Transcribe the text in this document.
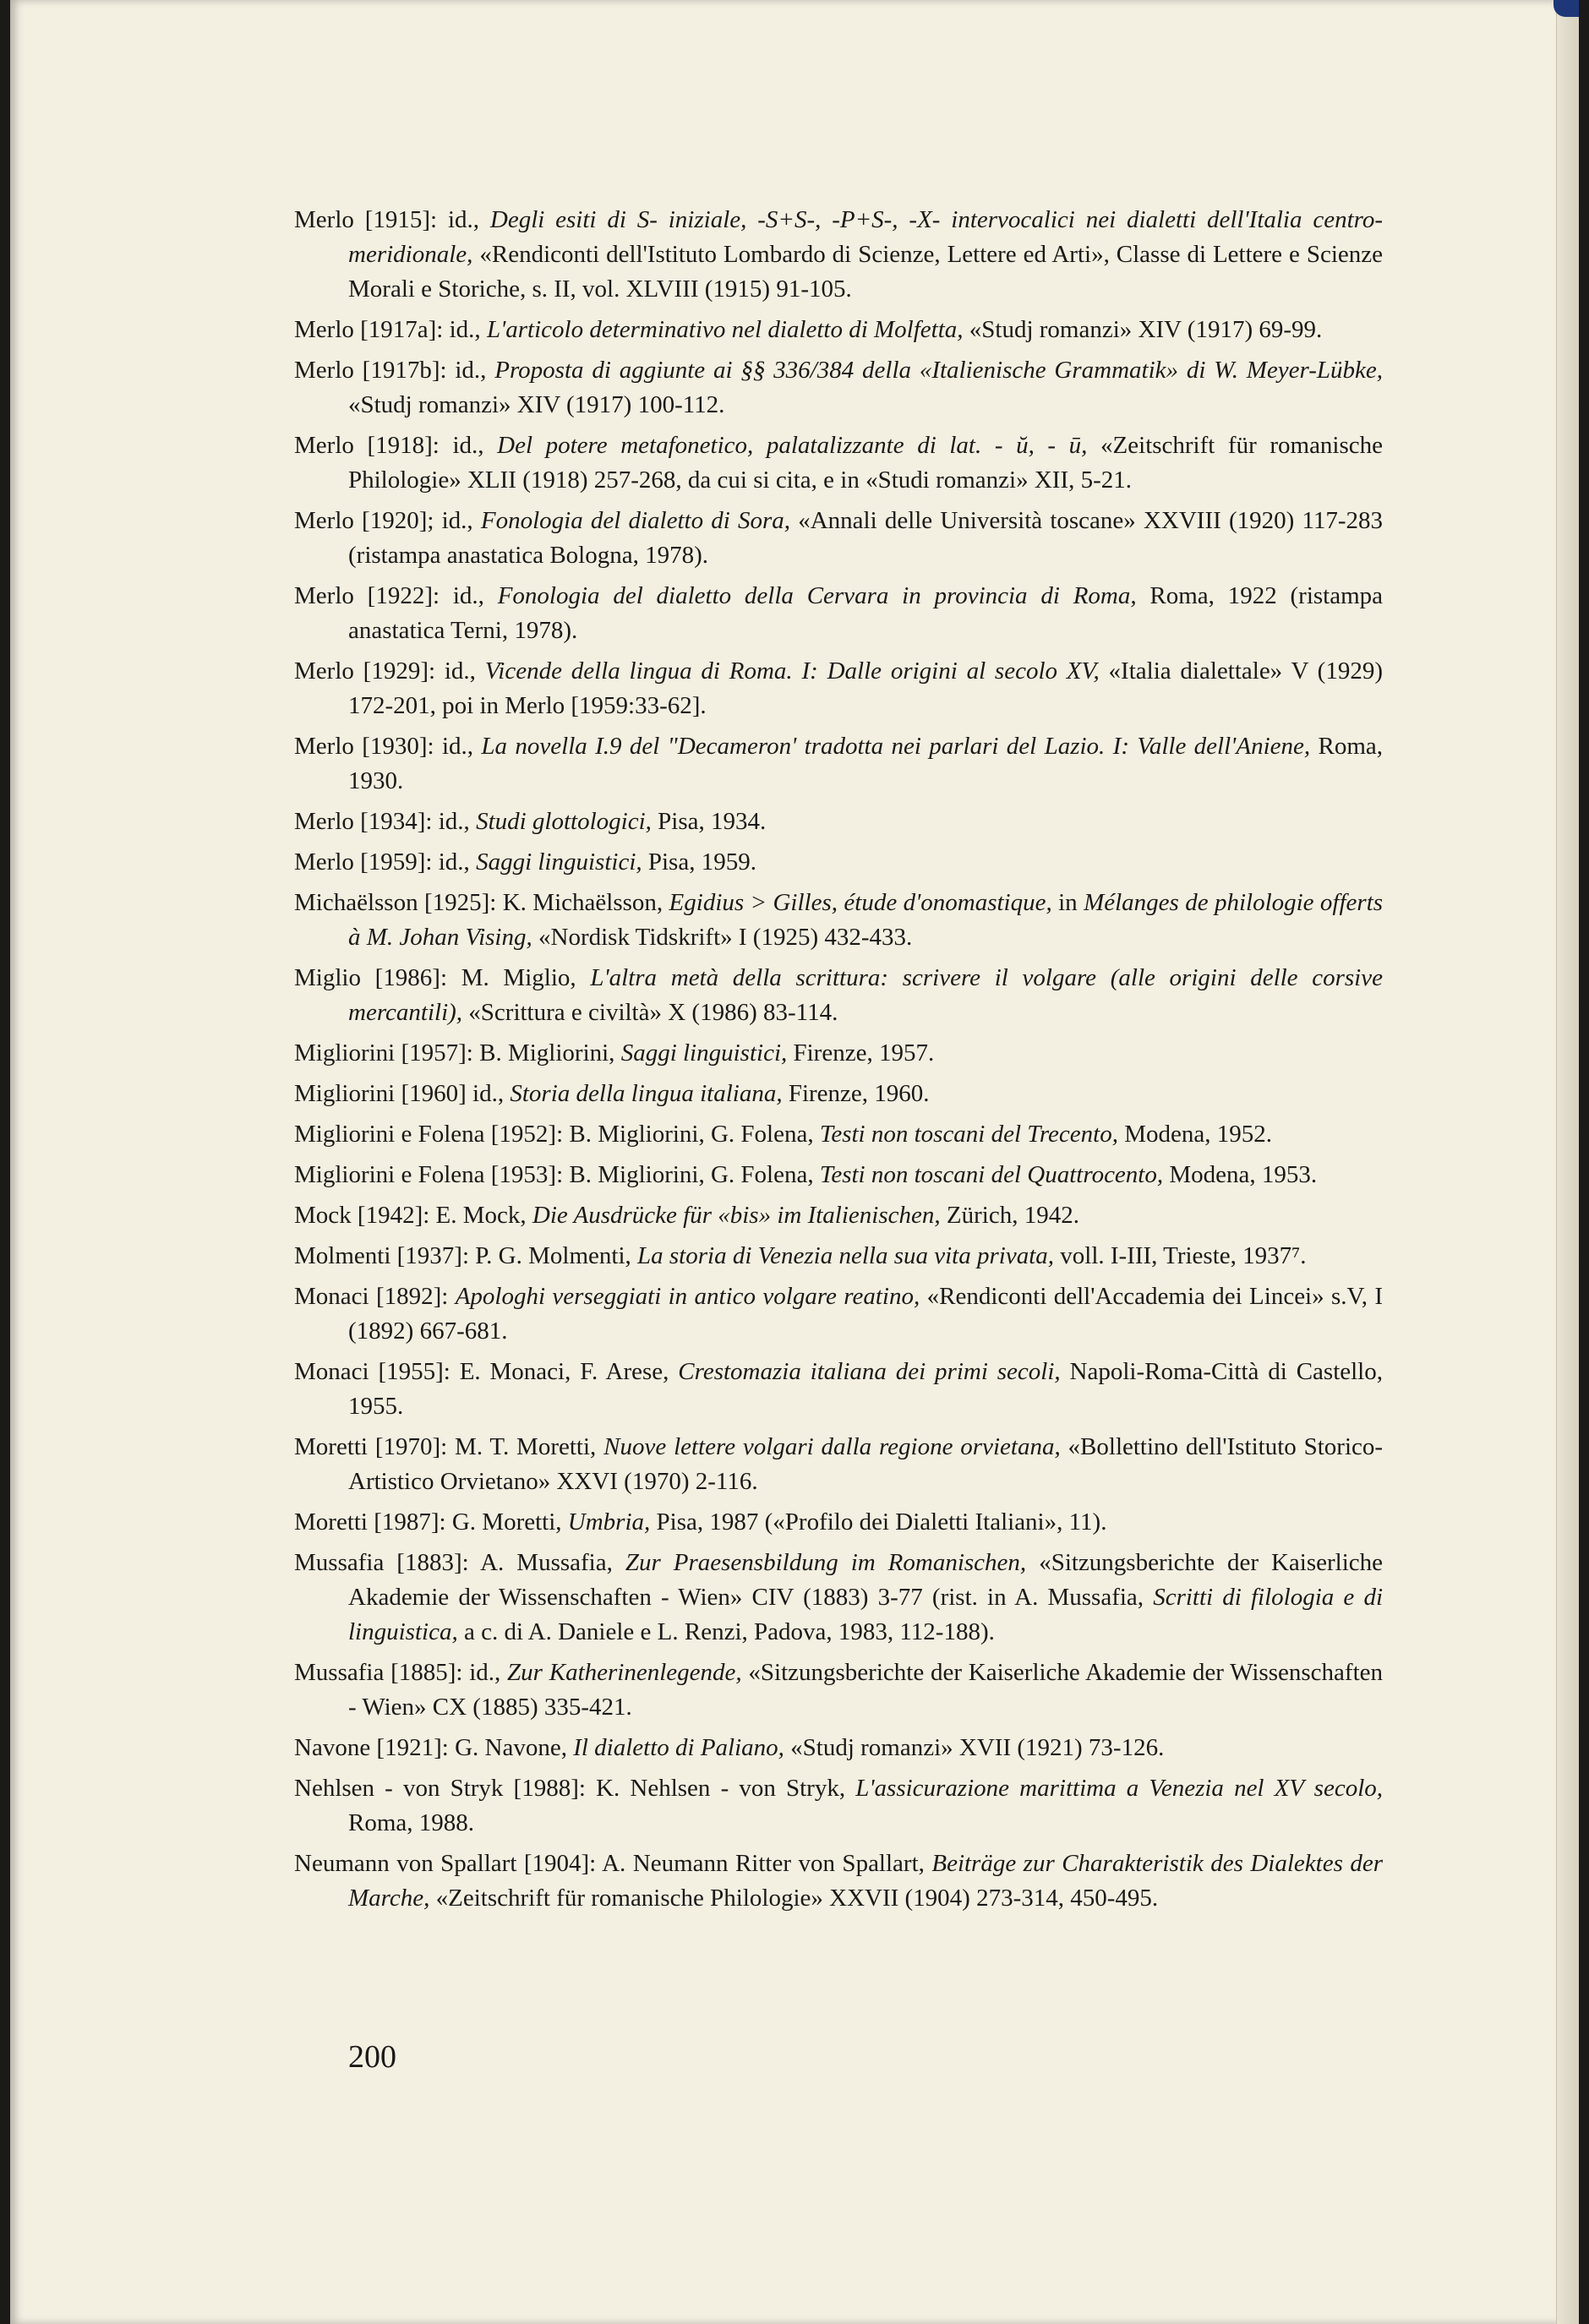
Merlo [1915]: id., Degli esiti di S- iniziale, -S+S-, -P+S-, -X- intervocalici nei dialetti dell'Italia centro-meridionale, «Rendiconti dell'Istituto Lombardo di Scienze, Lettere ed Arti», Classe di Lettere e Scienze Morali e Storiche, s. II, vol. XLVIII (1915) 91-105.

Merlo [1917a]: id., L'articolo determinativo nel dialetto di Molfetta, «Studj romanzi» XIV (1917) 69-99.

Merlo [1917b]: id., Proposta di aggiunte ai §§ 336/384 della «Italienische Grammatik» di W. Meyer-Lübke, «Studj romanzi» XIV (1917) 100-112.

Merlo [1918]: id., Del potere metafonetico, palatalizzante di lat. - ŭ, - ū, «Zeitschrift für romanische Philologie» XLII (1918) 257-268, da cui si cita, e in «Studi romanzi» XII, 5-21.

Merlo [1920]; id., Fonologia del dialetto di Sora, «Annali delle Università toscane» XXVIII (1920) 117-283 (ristampa anastatica Bologna, 1978).

Merlo [1922]: id., Fonologia del dialetto della Cervara in provincia di Roma, Roma, 1922 (ristampa anastatica Terni, 1978).

Merlo [1929]: id., Vicende della lingua di Roma. I: Dalle origini al secolo XV, «Italia dialettale» V (1929) 172-201, poi in Merlo [1959:33-62].

Merlo [1930]: id., La novella I.9 del "Decameron' tradotta nei parlari del Lazio. I: Valle dell'Aniene, Roma, 1930.

Merlo [1934]: id., Studi glottologici, Pisa, 1934.

Merlo [1959]: id., Saggi linguistici, Pisa, 1959.

Michaëlsson [1925]: K. Michaëlsson, Egidius > Gilles, étude d'onomastique, in Mélanges de philologie offerts à M. Johan Vising, «Nordisk Tidskrift» I (1925) 432-433.

Miglio [1986]: M. Miglio, L'altra metà della scrittura: scrivere il volgare (alle origini delle corsive mercantili), «Scrittura e civiltà» X (1986) 83-114.

Migliorini [1957]: B. Migliorini, Saggi linguistici, Firenze, 1957.

Migliorini [1960] id., Storia della lingua italiana, Firenze, 1960.

Migliorini e Folena [1952]: B. Migliorini, G. Folena, Testi non toscani del Trecento, Modena, 1952.

Migliorini e Folena [1953]: B. Migliorini, G. Folena, Testi non toscani del Quattrocento, Modena, 1953.

Mock [1942]: E. Mock, Die Ausdrücke für «bis» im Italienischen, Zürich, 1942.

Molmenti [1937]: P. G. Molmenti, La storia di Venezia nella sua vita privata, voll. I-III, Trieste, 1937⁷.

Monaci [1892]: Apologhi verseggiati in antico volgare reatino, «Rendiconti dell'Accademia dei Lincei» s.V, I (1892) 667-681.

Monaci [1955]: E. Monaci, F. Arese, Crestomazia italiana dei primi secoli, Napoli-Roma-Città di Castello, 1955.

Moretti [1970]: M. T. Moretti, Nuove lettere volgari dalla regione orvietana, «Bollettino dell'Istituto Storico-Artistico Orvietano» XXVI (1970) 2-116.

Moretti [1987]: G. Moretti, Umbria, Pisa, 1987 («Profilo dei Dialetti Italiani», 11).

Mussafia [1883]: A. Mussafia, Zur Praesensbildung im Romanischen, «Sitzungsberichte der Kaiserliche Akademie der Wissenschaften - Wien» CIV (1883) 3-77 (rist. in A. Mussafia, Scritti di filologia e di linguistica, a c. di A. Daniele e L. Renzi, Padova, 1983, 112-188).

Mussafia [1885]: id., Zur Katherinenlegende, «Sitzungsberichte der Kaiserliche Akademie der Wissenschaften - Wien» CX (1885) 335-421.

Navone [1921]: G. Navone, Il dialetto di Paliano, «Studj romanzi» XVII (1921) 73-126.

Nehlsen - von Stryk [1988]: K. Nehlsen - von Stryk, L'assicurazione marittima a Venezia nel XV secolo, Roma, 1988.

Neumann von Spallart [1904]: A. Neumann Ritter von Spallart, Beiträge zur Charakteristik des Dialektes der Marche, «Zeitschrift für romanische Philologie» XXVII (1904) 273-314, 450-495.

200
